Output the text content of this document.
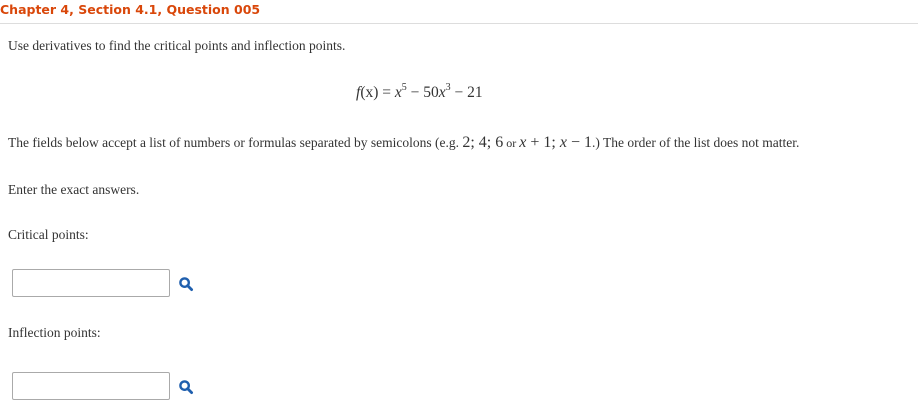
Chapter 4, Section 4.1, Question 005
Use derivatives to find the critical points and inflection points.
$f(x) = x^5 - 50x^3 - 21$
The fields below accept a list of numbers or formulas separated by semicolons (e.g. 2; 4; 6 or x + 1; x − 1.) The order of the list does not matter.
Enter the exact answers.
Critical points:
Inflection points:
